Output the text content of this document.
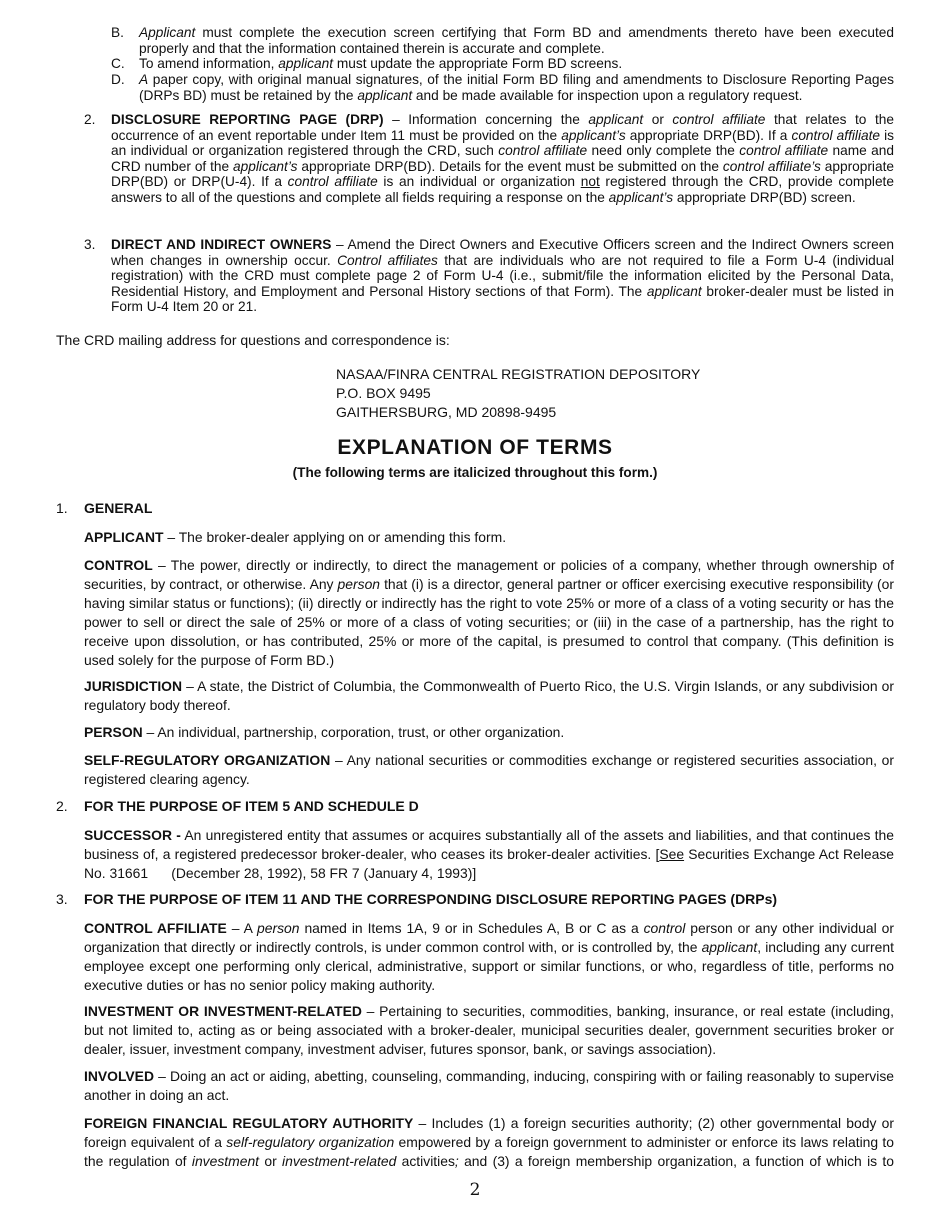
B. Applicant must complete the execution screen certifying that Form BD and amendments thereto have been executed properly and that the information contained therein is accurate and complete.
C. To amend information, applicant must update the appropriate Form BD screens.
D. A paper copy, with original manual signatures, of the initial Form BD filing and amendments to Disclosure Reporting Pages (DRPs BD) must be retained by the applicant and be made available for inspection upon a regulatory request.
2. DISCLOSURE REPORTING PAGE (DRP) – Information concerning the applicant or control affiliate that relates to the occurrence of an event reportable under Item 11 must be provided on the applicant’s appropriate DRP(BD). If a control affiliate is an individual or organization registered through the CRD, such control affiliate need only complete the control affiliate name and CRD number of the applicant’s appropriate DRP(BD). Details for the event must be submitted on the control affiliate’s appropriate DRP(BD) or DRP(U-4). If a control affiliate is an individual or organization not registered through the CRD, provide complete answers to all of the questions and complete all fields requiring a response on the applicant’s appropriate DRP(BD) screen.
3. DIRECT AND INDIRECT OWNERS – Amend the Direct Owners and Executive Officers screen and the Indirect Owners screen when changes in ownership occur. Control affiliates that are individuals who are not required to file a Form U-4 (individual registration) with the CRD must complete page 2 of Form U-4 (i.e., submit/file the information elicited by the Personal Data, Residential History, and Employment and Personal History sections of that Form). The applicant broker-dealer must be listed in Form U-4 Item 20 or 21.
The CRD mailing address for questions and correspondence is:
NASAA/FINRA CENTRAL REGISTRATION DEPOSITORY
P.O. BOX 9495
GAITHERSBURG, MD 20898-9495
EXPLANATION OF TERMS
(The following terms are italicized throughout this form.)
1. GENERAL
APPLICANT – The broker-dealer applying on or amending this form.
CONTROL – The power, directly or indirectly, to direct the management or policies of a company, whether through ownership of securities, by contract, or otherwise. Any person that (i) is a director, general partner or officer exercising executive responsibility (or having similar status or functions); (ii) directly or indirectly has the right to vote 25% or more of a class of a voting security or has the power to sell or direct the sale of 25% or more of a class of voting securities; or (iii) in the case of a partnership, has the right to receive upon dissolution, or has contributed, 25% or more of the capital, is presumed to control that company. (This definition is used solely for the purpose of Form BD.)
JURISDICTION – A state, the District of Columbia, the Commonwealth of Puerto Rico, the U.S. Virgin Islands, or any subdivision or regulatory body thereof.
PERSON – An individual, partnership, corporation, trust, or other organization.
SELF-REGULATORY ORGANIZATION – Any national securities or commodities exchange or registered securities association, or registered clearing agency.
2. FOR THE PURPOSE OF ITEM 5 AND SCHEDULE D
SUCCESSOR - An unregistered entity that assumes or acquires substantially all of the assets and liabilities, and that continues the business of, a registered predecessor broker-dealer, who ceases its broker-dealer activities. [See Securities Exchange Act Release No. 31661      (December 28, 1992), 58 FR 7 (January 4, 1993)]
3. FOR THE PURPOSE OF ITEM 11 AND THE CORRESPONDING DISCLOSURE REPORTING PAGES (DRPs)
CONTROL AFFILIATE – A person named in Items 1A, 9 or in Schedules A, B or C as a control person or any other individual or organization that directly or indirectly controls, is under common control with, or is controlled by, the applicant, including any current employee except one performing only clerical, administrative, support or similar functions, or who, regardless of title, performs no executive duties or has no senior policy making authority.
INVESTMENT OR INVESTMENT-RELATED – Pertaining to securities, commodities, banking, insurance, or real estate (including, but not limited to, acting as or being associated with a broker-dealer, municipal securities dealer, government securities broker or dealer, issuer, investment company, investment adviser, futures sponsor, bank, or savings association).
INVOLVED – Doing an act or aiding, abetting, counseling, commanding, inducing, conspiring with or failing reasonably to supervise another in doing an act.
FOREIGN FINANCIAL REGULATORY AUTHORITY – Includes (1) a foreign securities authority; (2) other governmental body or foreign equivalent of a self-regulatory organization empowered by a foreign government to administer or enforce its laws relating to the regulation of investment or investment-related activities; and (3) a foreign membership organization, a function of which is to
2
